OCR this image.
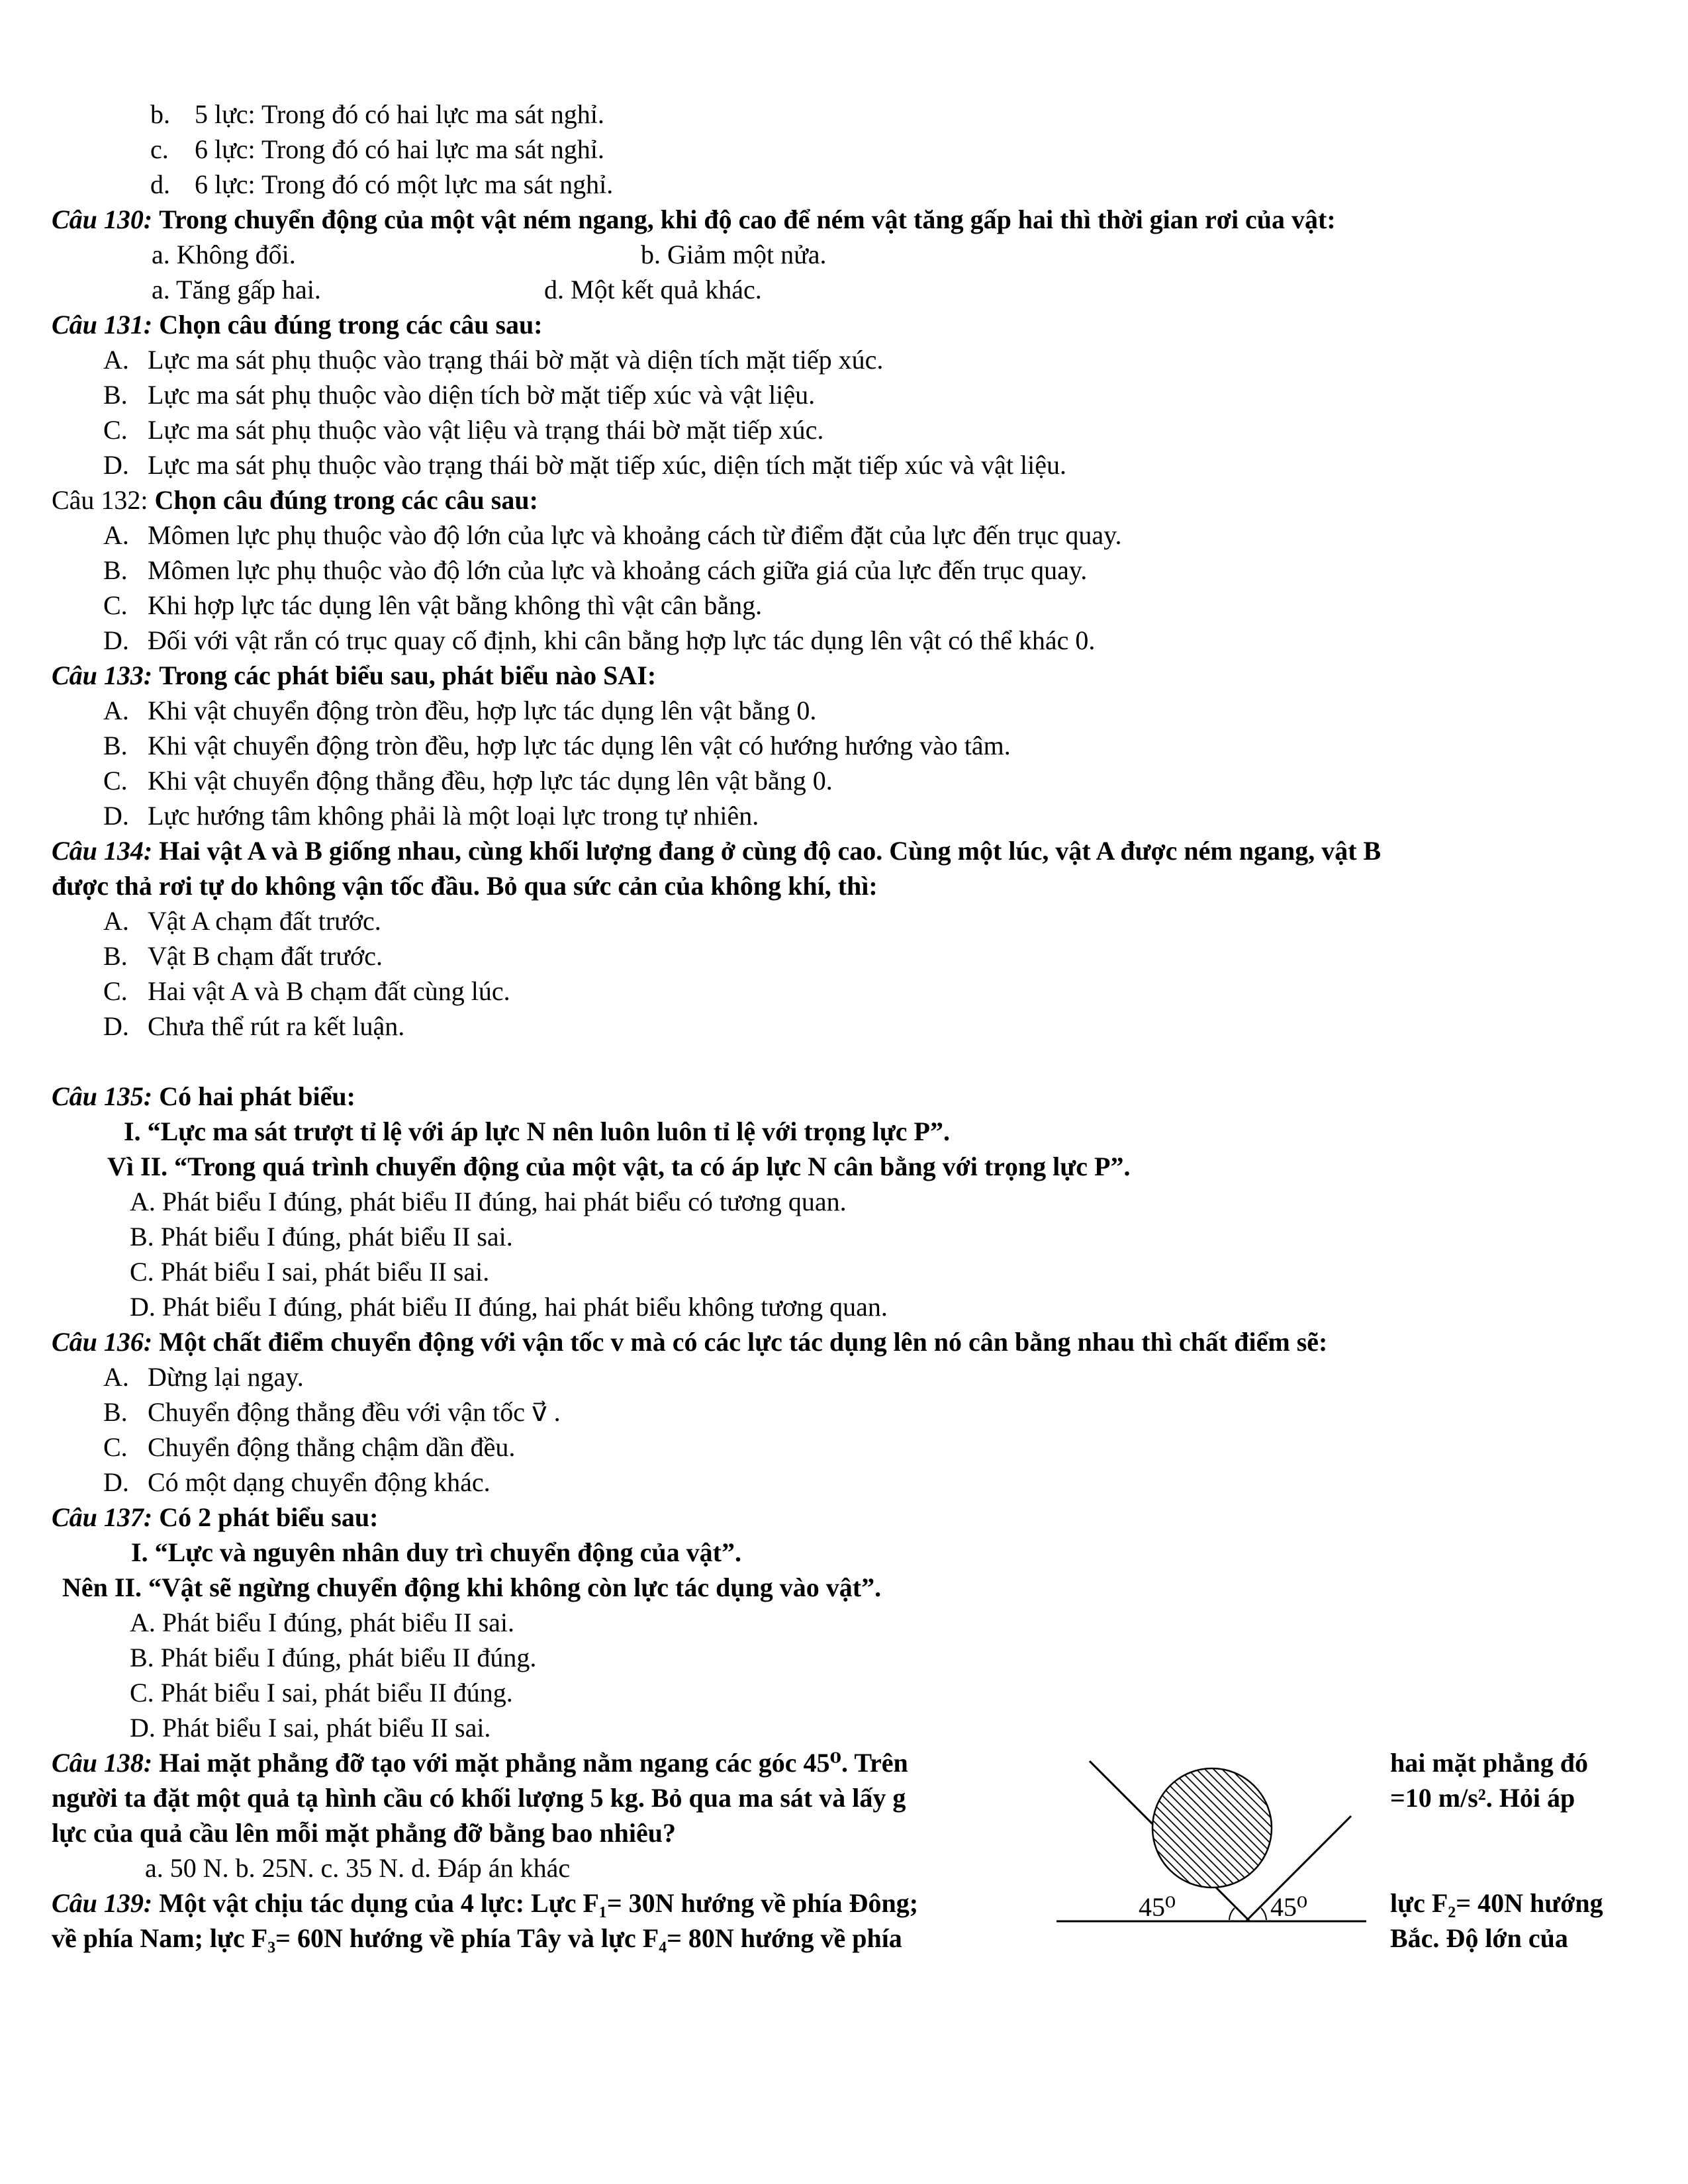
b. 5 lực: Trong đó có hai lực ma sát nghỉ.
c. 6 lực: Trong đó có hai lực ma sát nghỉ.
d. 6 lực: Trong đó có một lực ma sát nghỉ.
Câu 130: Trong chuyển động của một vật ném ngang, khi độ cao để ném vật tăng gấp hai thì thời gian rơi của vật:
a. Không đổi.	b. Giảm một nửa.
a. Tăng gấp hai.	d. Một kết quả khác.
Câu 131: Chọn câu đúng trong các câu sau:
A. Lực ma sát phụ thuộc vào trạng thái bờ mặt và diện tích mặt tiếp xúc.
B. Lực ma sát phụ thuộc vào diện tích bờ mặt tiếp xúc và vật liệu.
C. Lực ma sát phụ thuộc vào vật liệu và trạng thái bờ mặt tiếp xúc.
D. Lực ma sát phụ thuộc vào trạng thái bờ mặt tiếp xúc, diện tích mặt tiếp xúc và vật liệu.
Câu 132: Chọn câu đúng trong các câu sau:
A. Mômen lực phụ thuộc vào độ lớn của lực và khoảng cách từ điểm đặt của lực đến trục quay.
B. Mômen lực phụ thuộc vào độ lớn của lực và khoảng cách giữa giá của lực đến trục quay.
C. Khi hợp lực tác dụng lên vật bằng không thì vật cân bằng.
D. Đối với vật rắn có trục quay cố định, khi cân bằng hợp lực tác dụng lên vật có thể khác 0.
Câu 133: Trong các phát biểu sau, phát biểu nào SAI:
A. Khi vật chuyển động tròn đều, hợp lực tác dụng lên vật bằng 0.
B. Khi vật chuyển động tròn đều, hợp lực tác dụng lên vật có hướng hướng vào tâm.
C. Khi vật chuyển động thẳng đều, hợp lực tác dụng lên vật bằng 0.
D. Lực hướng tâm không phải là một loại lực trong tự nhiên.
Câu 134: Hai vật A và B giống nhau, cùng khối lượng đang ở cùng độ cao. Cùng một lúc, vật A được ném ngang, vật B
được thả rơi tự do không vận tốc đầu. Bỏ qua sức cản của không khí, thì:
A. Vật A chạm đất trước.
B. Vật B chạm đất trước.
C. Hai vật A và B chạm đất cùng lúc.
D. Chưa thể rút ra kết luận.

Câu 135: Có hai phát biểu:
I. “Lực ma sát trượt tỉ lệ với áp lực N nên luôn luôn tỉ lệ với trọng lực P”.
Vì II. “Trong quá trình chuyển động của một vật, ta có áp lực N cân bằng với trọng lực P”.
A. Phát biểu I đúng, phát biểu II đúng, hai phát biểu có tương quan.
B. Phát biểu I đúng, phát biểu II sai.
C. Phát biểu I sai, phát biểu II sai.
D. Phát biểu I đúng, phát biểu II đúng, hai phát biểu không tương quan.
Câu 136: Một chất điểm chuyển động với vận tốc v mà có các lực tác dụng lên nó cân bằng nhau thì chất điểm sẽ:
A. Dừng lại ngay.
B. Chuyển động thẳng đều với vận tốc v⃗ .
C. Chuyển động thẳng chậm dần đều.
D. Có một dạng chuyển động khác.
Câu 137: Có 2 phát biểu sau:
I. “Lực và nguyên nhân duy trì chuyển động của vật”.
Nên II. “Vật sẽ ngừng chuyển động khi không còn lực tác dụng vào vật”.
A. Phát biểu I đúng, phát biểu II sai.
B. Phát biểu I đúng, phát biểu II đúng.
C. Phát biểu I sai, phát biểu II đúng.
D. Phát biểu I sai, phát biểu II sai.
Câu 138: Hai mặt phẳng đỡ tạo với mặt phẳng nằm ngang các góc 45⁰. Trên
người ta đặt một quả tạ hình cầu có khối lượng 5 kg. Bỏ qua ma sát và lấy g
lực của quả cầu lên mỗi mặt phẳng đỡ bằng bao nhiêu?
a. 50 N. b. 25N. c. 35 N. d. Đáp án khác
Câu 139: Một vật chịu tác dụng của 4 lực: Lực F₁= 30N hướng về phía Đông;
về phía Nam; lực F₃= 60N hướng về phía Tây và lực F₄= 80N hướng về phía
45⁰	45⁰
hai mặt phẳng đó
=10 m/s². Hỏi áp

lực F₂= 40N hướng
Bắc. Độ lớn của
